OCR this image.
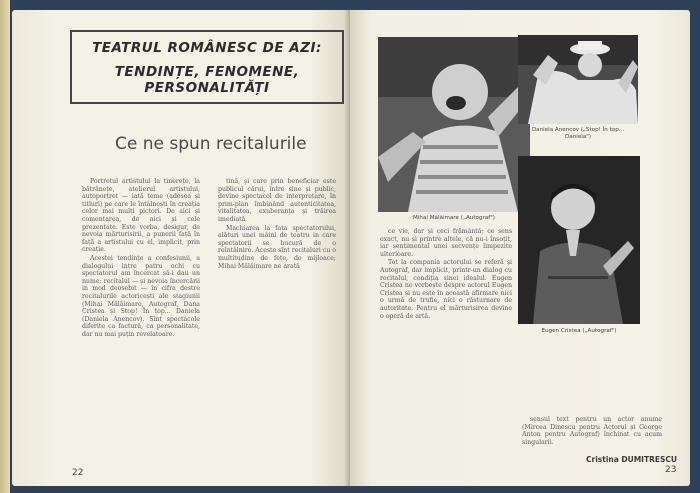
TEATRUL ROMÂNESC DE AZI:
TENDINȚE, FENOMENE, PERSONALITĂȚI
Ce ne spun recitalurile

Portretul artistului la tinerețe, la bătrânețe, atelierul artistului, autoportret — iată teme (adesea și titluri) pe care le întâlnești în creația celor mai mulți pictori. De aici și comentarea, de aici și cele prezentate. Este vorba, desigur, de nevoia mărturisirii, a punerii față în față a artistului cu el, implicit, prin creație.

Acestei tendințe a confesiunii, a dialogului intre patru ochi cu spectatorul am încercat să-i dau un nume: recitalul — și nevoia încercării in mod deosebit — în cifra destre recitalurile actoricești ale stagiunii (Mihai Mălăimare, Autograf, Dana Cristea și Stop! În top... Daniela (Daniela Anencov). Sînt spectacole diferite ca factură, ca personalitate, dar nu mai puțin revelatoare.

tină, și care prin beneficiar este publicul cărui, între sine și public, devine spectacol de interpretare, în prim-plan îmbinând autenticitatea, vitalitatea, exuberanța și trăirea imediată.

Machiarea la fața spectatorului, alături unei mâini de teatru in care spectatorii se bucură de o reîntâlnire. Aceste sînt recitaluri cu o multitudine de fețe, de mijloace; Mihai Mălăimare ne arată

22
Mihai Mălăimare („Autograf")
Daniela Anencov („Stop! În top...
Daniela")
Eugen Cristea („Autograf")

ce vie, dar și ceci frământă; ce sens exact, nu și printre altele, că nu-i însoțit, iar sentimental unei secvențe limpezite ulterioare.

Tot la compania actorului se referă și Autograf, dar implicit, printr-un dialog cu recitalul, condiția sinei idealul. Eugen Cristea ne vorbește despre actorul Eugen Cristea și nu este în această afirmare nici o urmă de trufie, nici o răsturnare de autoritate. Pentru el mărturisirea devine o operă de artă.

sensul text pentru un actor anume (Mircea Dinescu pentru Actorul și George Anton pentru Autograf) închinat cu acum singularii.

Cristina DUMITRESCU
23
